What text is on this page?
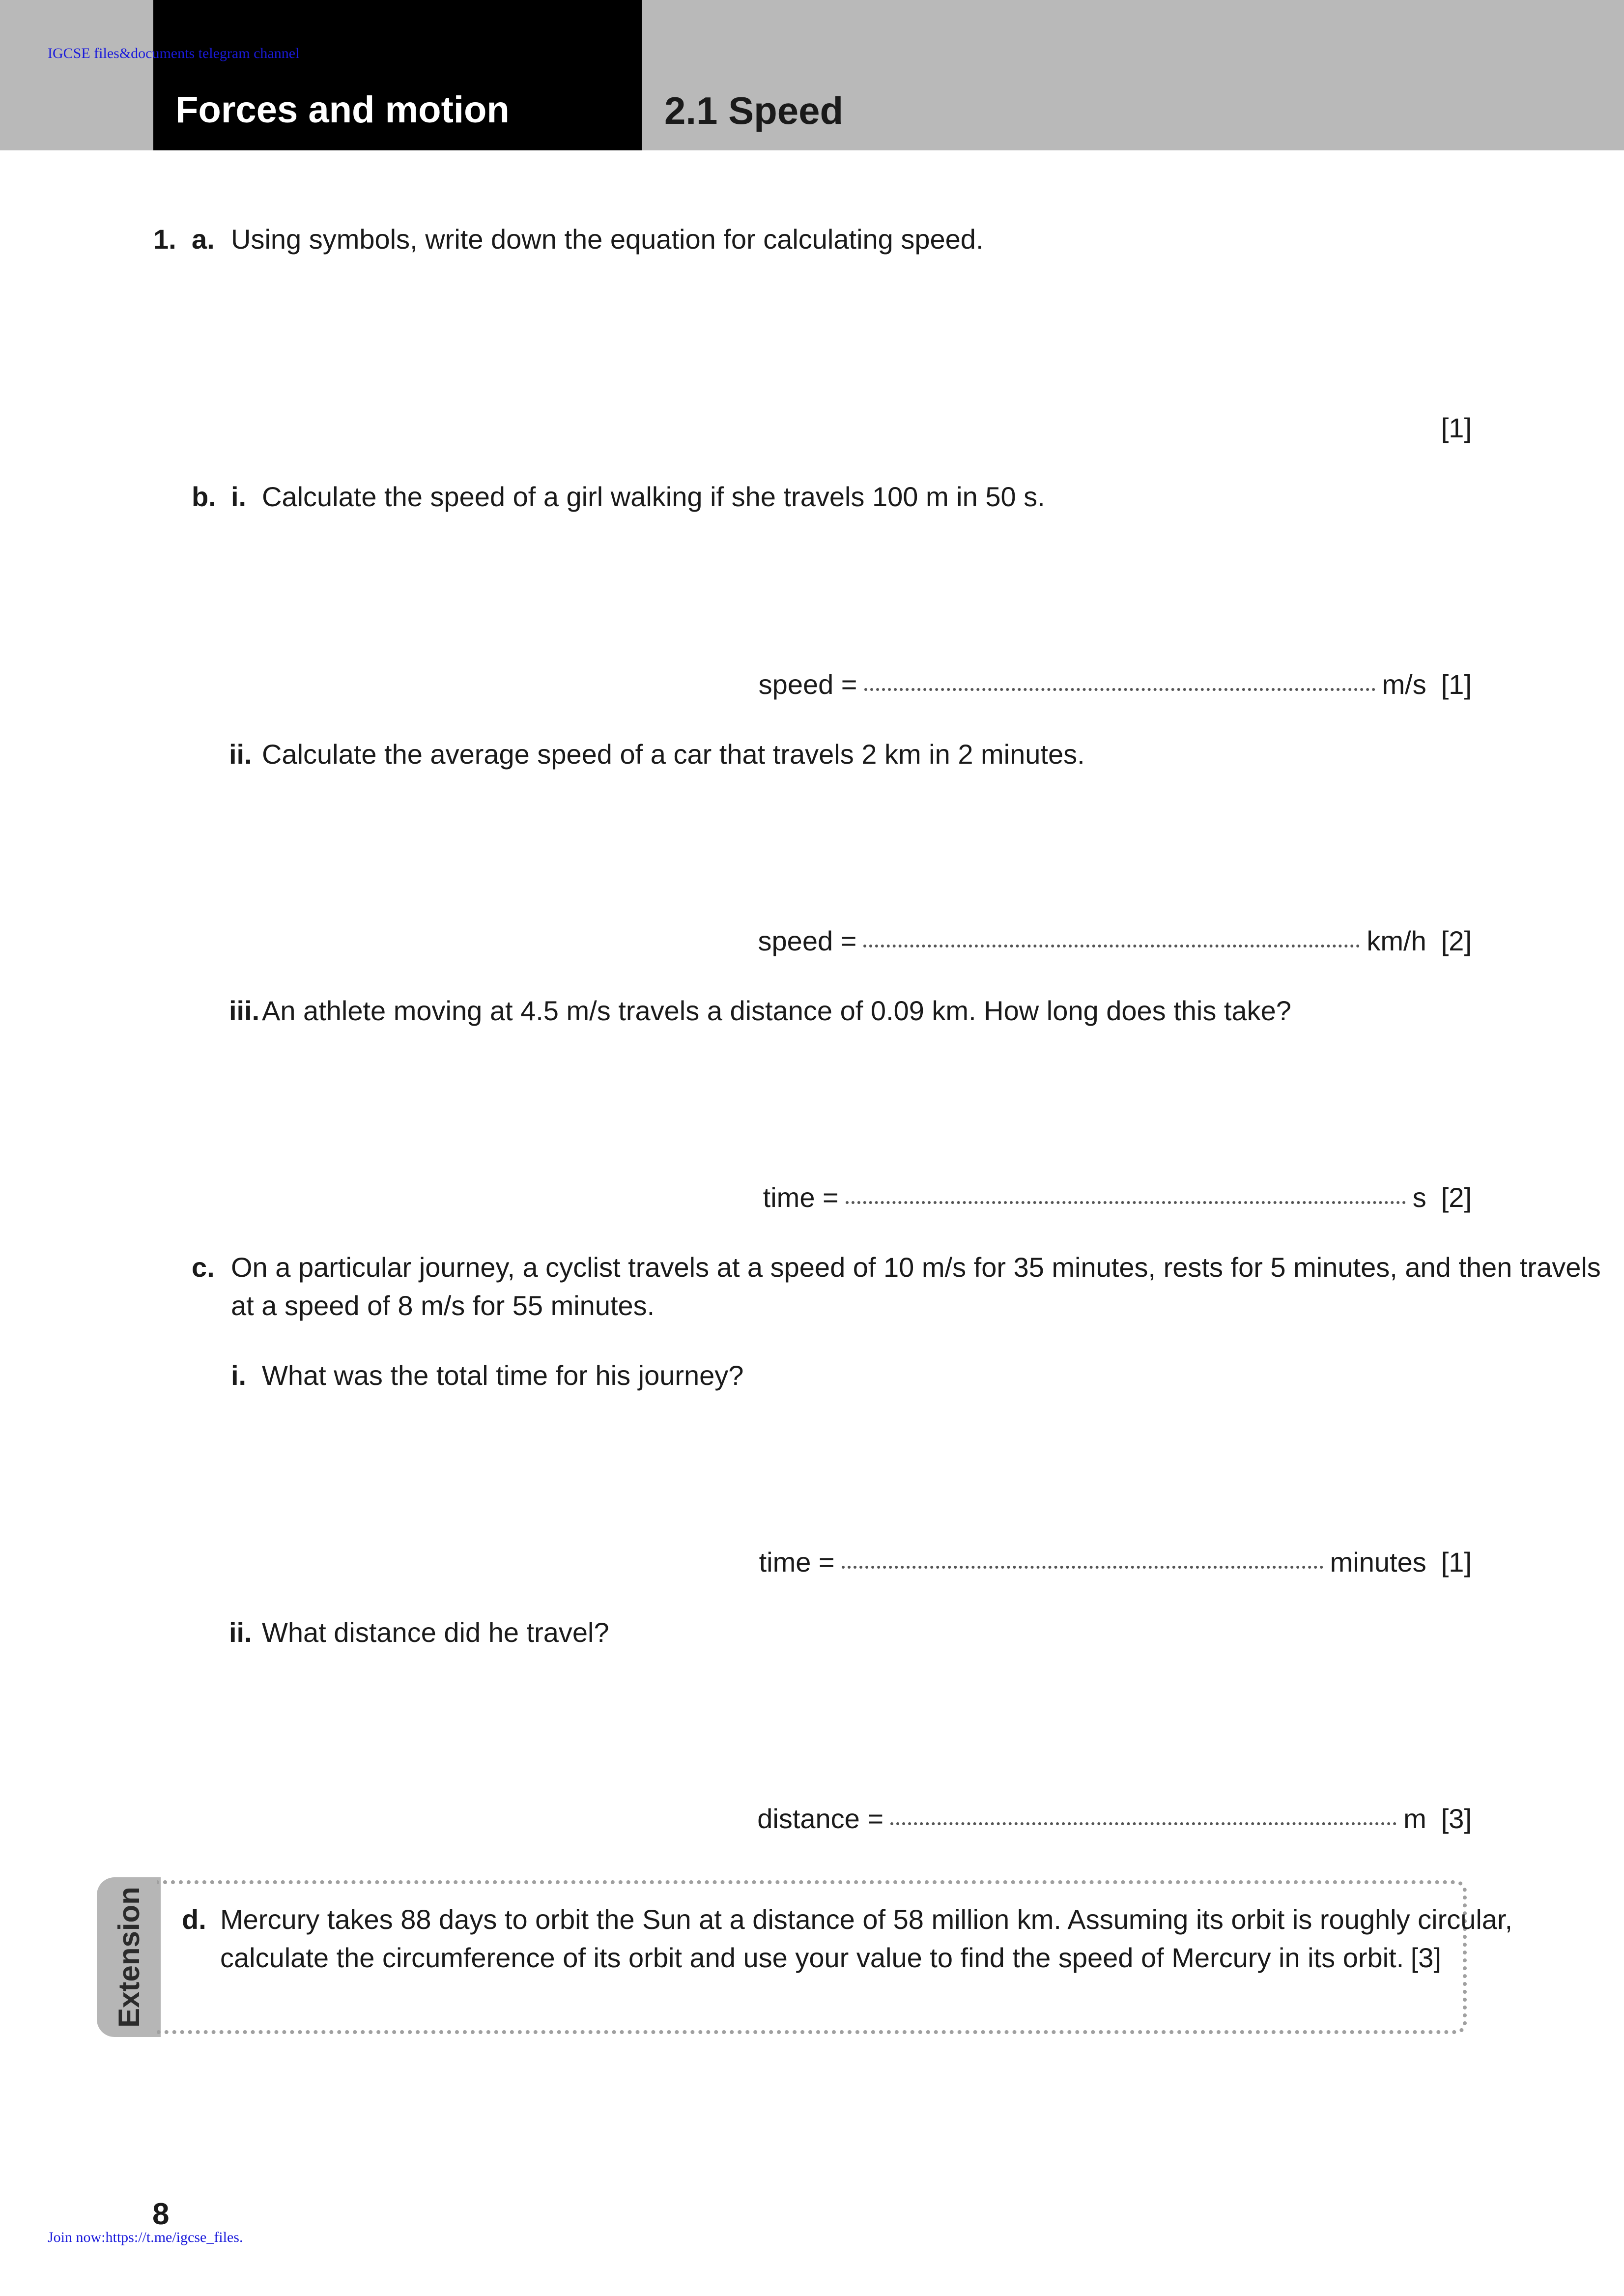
IGCSE files&documents telegram channel
Forces and motion	2.1 Speed
1. a. Using symbols, write down the equation for calculating speed.
[1]
b. i. Calculate the speed of a girl walking if she travels 100 m in 50 s.
speed =	m/s [1]
ii. Calculate the average speed of a car that travels 2 km in 2 minutes.
speed =	km/h [2]
iii. An athlete moving at 4.5 m/s travels a distance of 0.09 km. How long does this take?
time =	s [2]
c. On a particular journey, a cyclist travels at a speed of 10 m/s for 35 minutes, rests for 5 minutes, and then travels
at a speed of 8 m/s for 55 minutes.
i. What was the total time for his journey?
time =	minutes [1]
ii. What distance did he travel?
distance =	m [3]
Extension d. Mercury takes 88 days to orbit the Sun at a distance of 58 million km. Assuming its orbit is roughly circular,
calculate the circumference of its orbit and use your value to find the speed of Mercury in its orbit. [3]
8
Join now:https://t.me/igcse_files.
